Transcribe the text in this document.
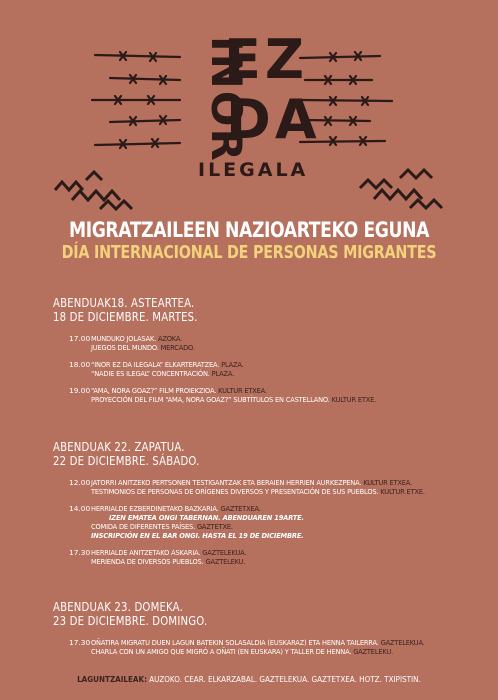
INOR
EZ
DA
ILEGALA
MIGRATZAILEEN NAZIOARTEKO EGUNA
DÍA INTERNACIONAL DE PERSONAS MIGRANTES
ABENDUAK18. ASTEARTEA.
18 DE DICIEMBRE. MARTES.
17.00 MUNDUKO JOLASAK. AZOKA.
JUEGOS DEL MUNDO. MERCADO.
18.00 “INOR EZ DA ILEGALA” ELKARTERATZEA. PLAZA.
“NADIE ES ILEGAL” CONCENTRACIÓN. PLAZA.
19.00 “AMA, NORA GOAZ?” FILM PROIEKZIOA. KULTUR ETXEA.
PROYECCIÓN DEL FILM “AMA, NORA GOAZ?” SUBTÍTULOS EN CASTELLANO. KULTUR ETXE.
ABENDUAK 22. ZAPATUA.
22 DE DICIEMBRE. SÁBADO.
12.00 JATORRI ANITZEKO PERTSONEN TESTIGANTZAK ETA BERAIEN HERRIEN AURKEZPENA. KULTUR ETXEA.
TESTIMONIOS DE PERSONAS DE ORÍGENES DIVERSOS Y PRESENTACIÓN DE SUS PUEBLOS. KULTUR ETXE.
14.00 HERRIALDE EZBERDINETAKO BAZKARIA. GAZTETXEA.
IZEN EMATEA ONGI TABERNAN. ABENDUAREN 19ARTE.
COMIDA DE DIFERENTES PAÍSES. GAZTETXE.
INSCRIPCIÓN EN EL BAR ONGI. HASTA EL 19 DE DICIEMBRE.
17.30 HERRIALDE ANITZETAKO ASKARIA. GAZTELEKUA.
MERIENDA DE DIVERSOS PUEBLOS. GAZTELEKU.
ABENDUAK 23. DOMEKA.
23 DE DICIEMBRE. DOMINGO.
17.30 OÑATIRA MIGRATU DUEN LAGUN BATEKIN SOLASALDIA (EUSKARAZ) ETA HENNA TAILERRA. GAZTELEKUA.
CHARLA CON UN AMIGO QUE MIGRÓ A OÑATI (EN EUSKARA) Y TALLER DE HENNA. GAZTELEKU.
LAGUNTZAILEAK: AUZOKO. CEAR. ELKARZABAL. GAZTELEKUA. GAZTETXEA. HOTZ. TXIPISTIN.
